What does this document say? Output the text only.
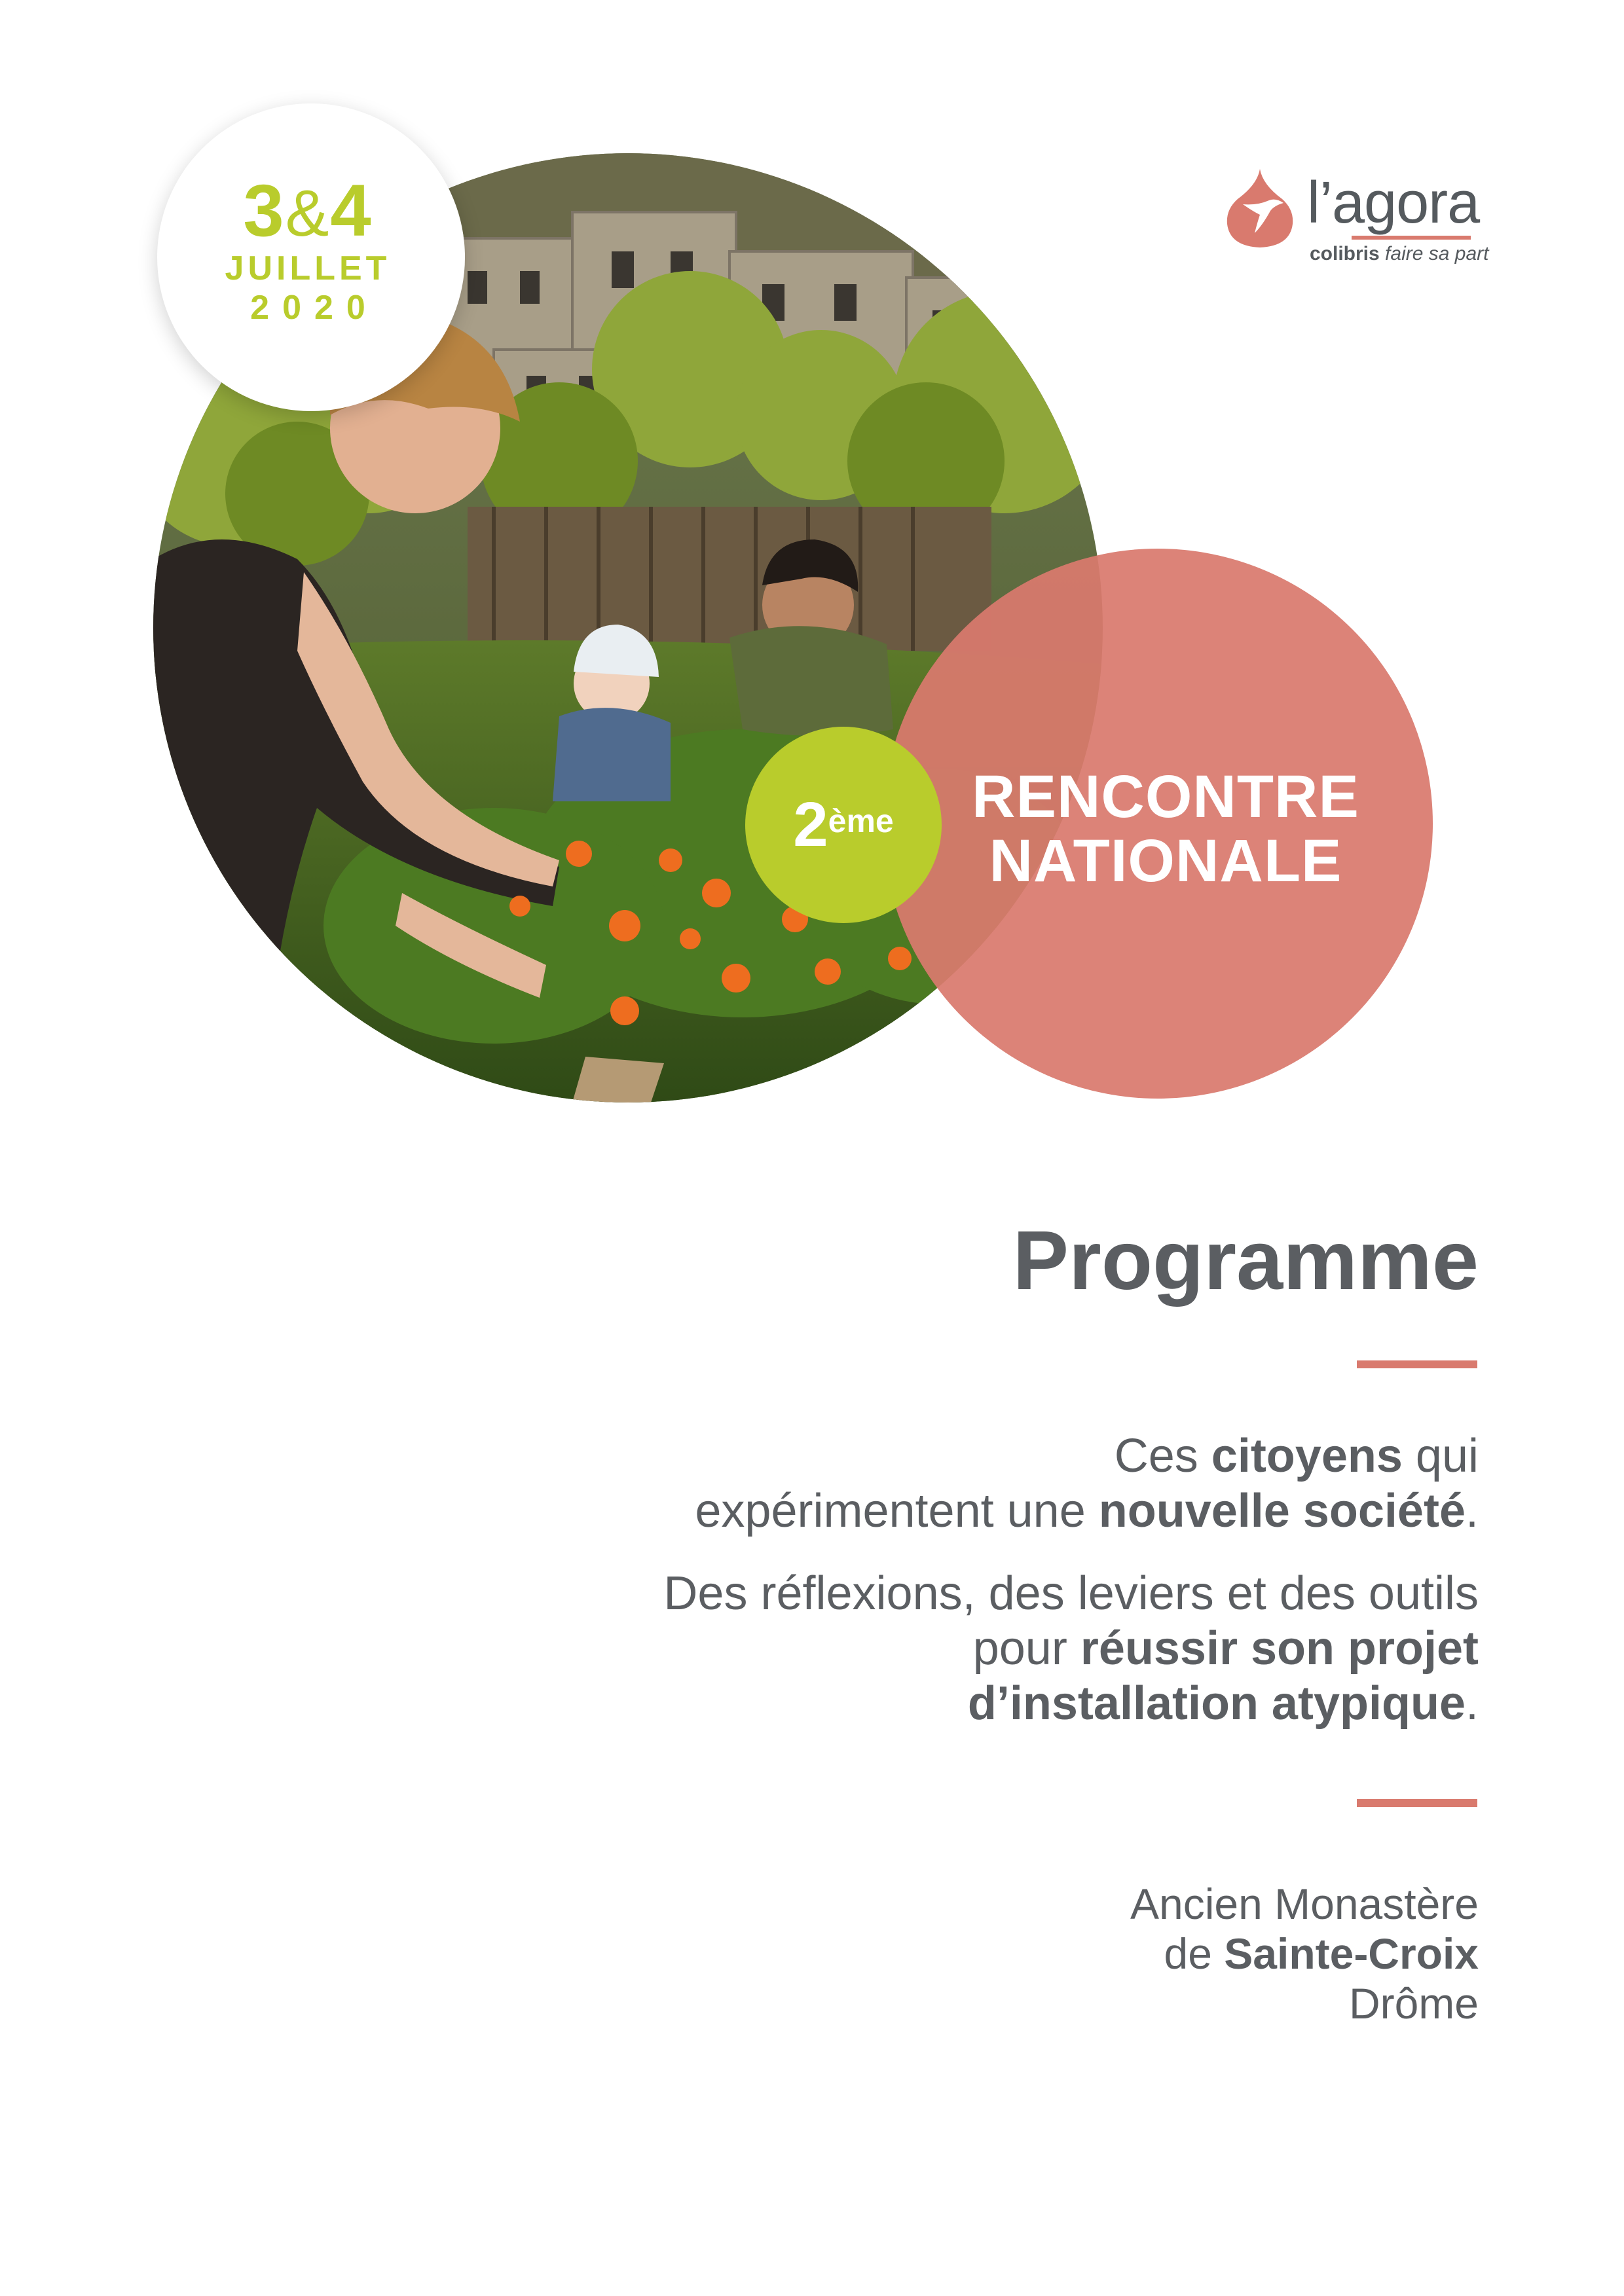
3&4
JUILLET
2020
2 ème	RENCONTRE
NATIONALE
l’agora
colibris faire sa part
Programme
Ces citoyens qui
expérimentent une nouvelle société.
Des réflexions, des leviers et des outils
pour réussir son projet
d’installation atypique.
Ancien Monastère
de Sainte-Croix
Drôme
